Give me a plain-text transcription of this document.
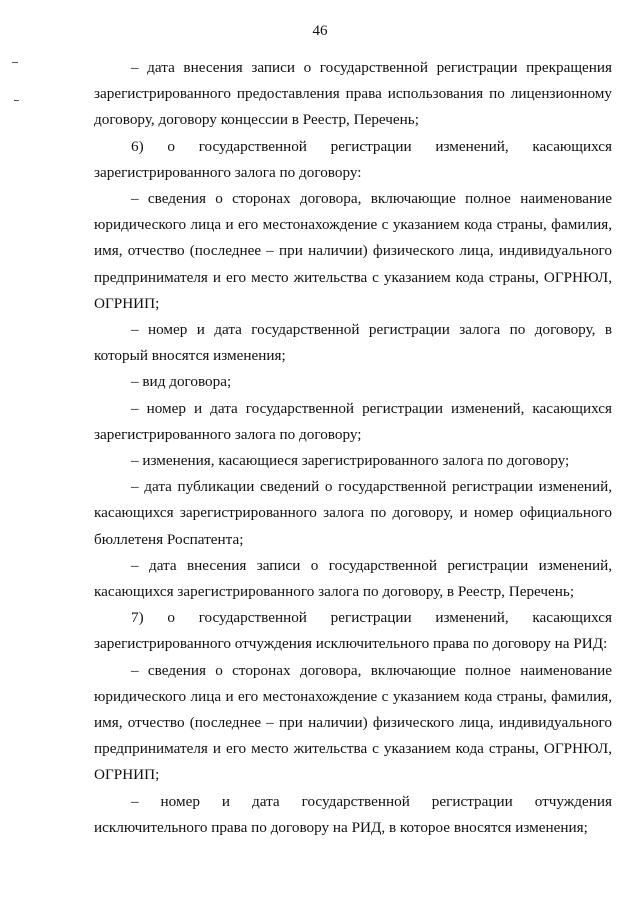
46

– дата внесения записи о государственной регистрации прекращения зарегистрированного предоставления права использования по лицензионному договору, договору концессии в Реестр, Перечень;

6) о государственной регистрации изменений, касающихся зарегистрированного залога по договору:

– сведения о сторонах договора, включающие полное наименование юридического лица и его местонахождение с указанием кода страны, фамилия, имя, отчество (последнее – при наличии) физического лица, индивидуального предпринимателя и его место жительства с указанием кода страны, ОГРНЮЛ, ОГРНИП;

– номер и дата государственной регистрации залога по договору, в который вносятся изменения;

– вид договора;

– номер и дата государственной регистрации изменений, касающихся зарегистрированного залога по договору;

– изменения, касающиеся зарегистрированного залога по договору;

– дата публикации сведений о государственной регистрации изменений, касающихся зарегистрированного залога по договору, и номер официального бюллетеня Роспатента;

– дата внесения записи о государственной регистрации изменений, касающихся зарегистрированного залога по договору, в Реестр, Перечень;

7) о государственной регистрации изменений, касающихся зарегистрированного отчуждения исключительного права по договору на РИД:

– сведения о сторонах договора, включающие полное наименование юридического лица и его местонахождение с указанием кода страны, фамилия, имя, отчество (последнее – при наличии) физического лица, индивидуального предпринимателя и его место жительства с указанием кода страны, ОГРНЮЛ, ОГРНИП;

– номер и дата государственной регистрации отчуждения исключительного права по договору на РИД, в которое вносятся изменения;
